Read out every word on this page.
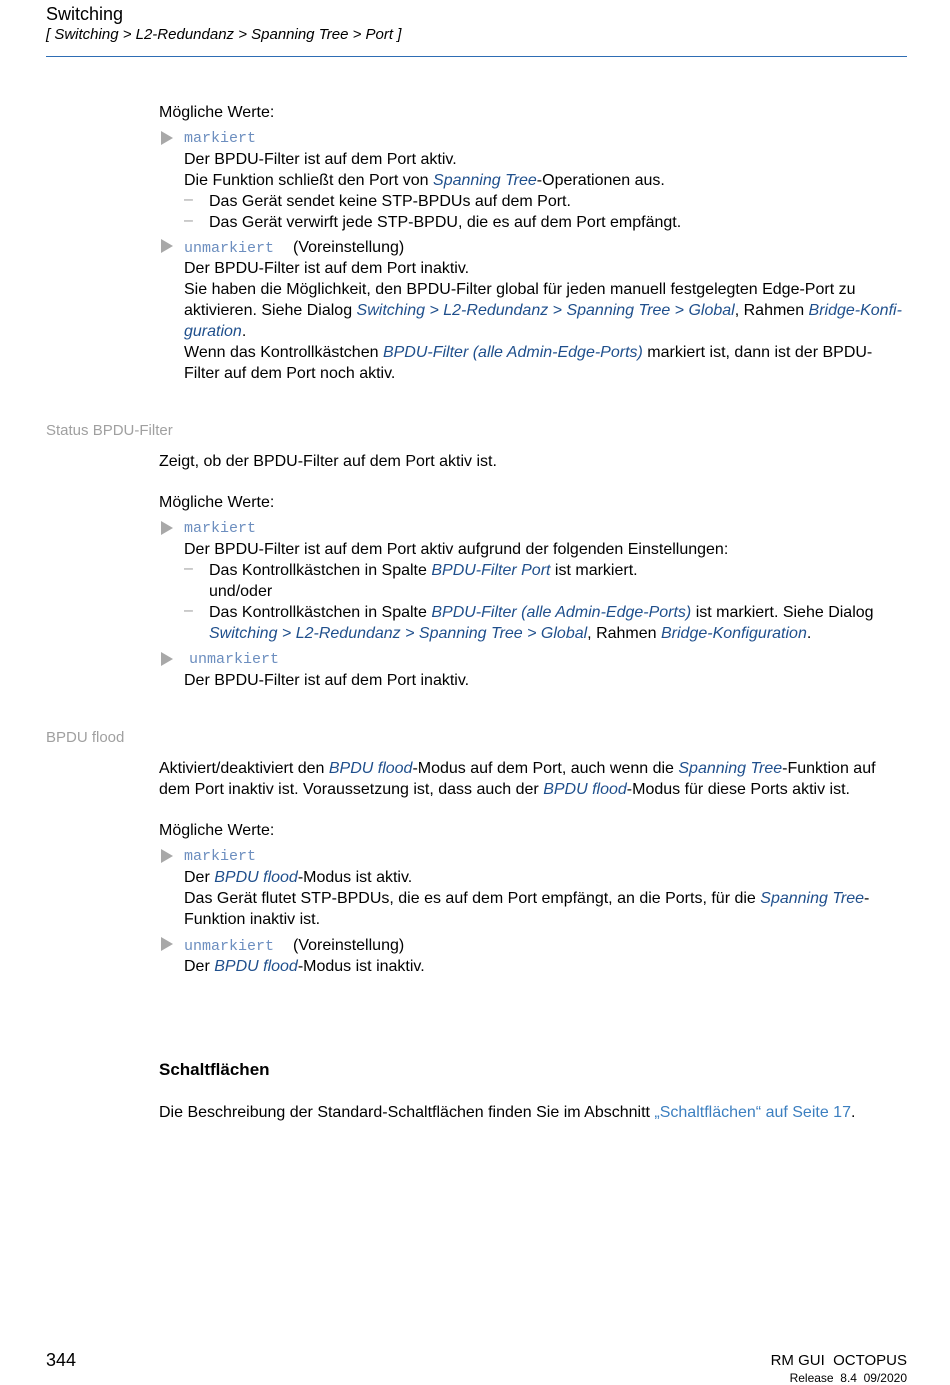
Switching
[ Switching > L2-Redundanz > Spanning Tree > Port ]
Mögliche Werte:
markiert
Der BPDU-Filter ist auf dem Port aktiv.
Die Funktion schließt den Port von Spanning Tree-Operationen aus.
– Das Gerät sendet keine STP-BPDUs auf dem Port.
– Das Gerät verwirft jede STP-BPDU, die es auf dem Port empfängt.
unmarkiert (Voreinstellung)
Der BPDU-Filter ist auf dem Port inaktiv.
Sie haben die Möglichkeit, den BPDU-Filter global für jeden manuell festgelegten Edge-Port zu
aktivieren. Siehe Dialog Switching > L2-Redundanz > Spanning Tree > Global, Rahmen Bridge-Konfi-
guration.
Wenn das Kontrollkästchen BPDU-Filter (alle Admin-Edge-Ports) markiert ist, dann ist der BPDU-
Filter auf dem Port noch aktiv.
Status BPDU-Filter
Zeigt, ob der BPDU-Filter auf dem Port aktiv ist.
Mögliche Werte:
markiert
Der BPDU-Filter ist auf dem Port aktiv aufgrund der folgenden Einstellungen:
– Das Kontrollkästchen in Spalte BPDU-Filter Port ist markiert.
und/oder
– Das Kontrollkästchen in Spalte BPDU-Filter (alle Admin-Edge-Ports) ist markiert. Siehe Dialog
Switching > L2-Redundanz > Spanning Tree > Global, Rahmen Bridge-Konfiguration.
unmarkiert
Der BPDU-Filter ist auf dem Port inaktiv.
BPDU flood
Aktiviert/deaktiviert den BPDU flood-Modus auf dem Port, auch wenn die Spanning Tree-Funktion auf
dem Port inaktiv ist. Voraussetzung ist, dass auch der BPDU flood-Modus für diese Ports aktiv ist.
Mögliche Werte:
markiert
Der BPDU flood-Modus ist aktiv.
Das Gerät flutet STP-BPDUs, die es auf dem Port empfängt, an die Ports, für die Spanning Tree-
Funktion inaktiv ist.
unmarkiert (Voreinstellung)
Der BPDU flood-Modus ist inaktiv.
Schaltflächen
Die Beschreibung der Standard-Schaltflächen finden Sie im Abschnitt „Schaltflächen“ auf Seite 17.
344	RM GUI  OCTOPUS
Release  8.4  09/2020
